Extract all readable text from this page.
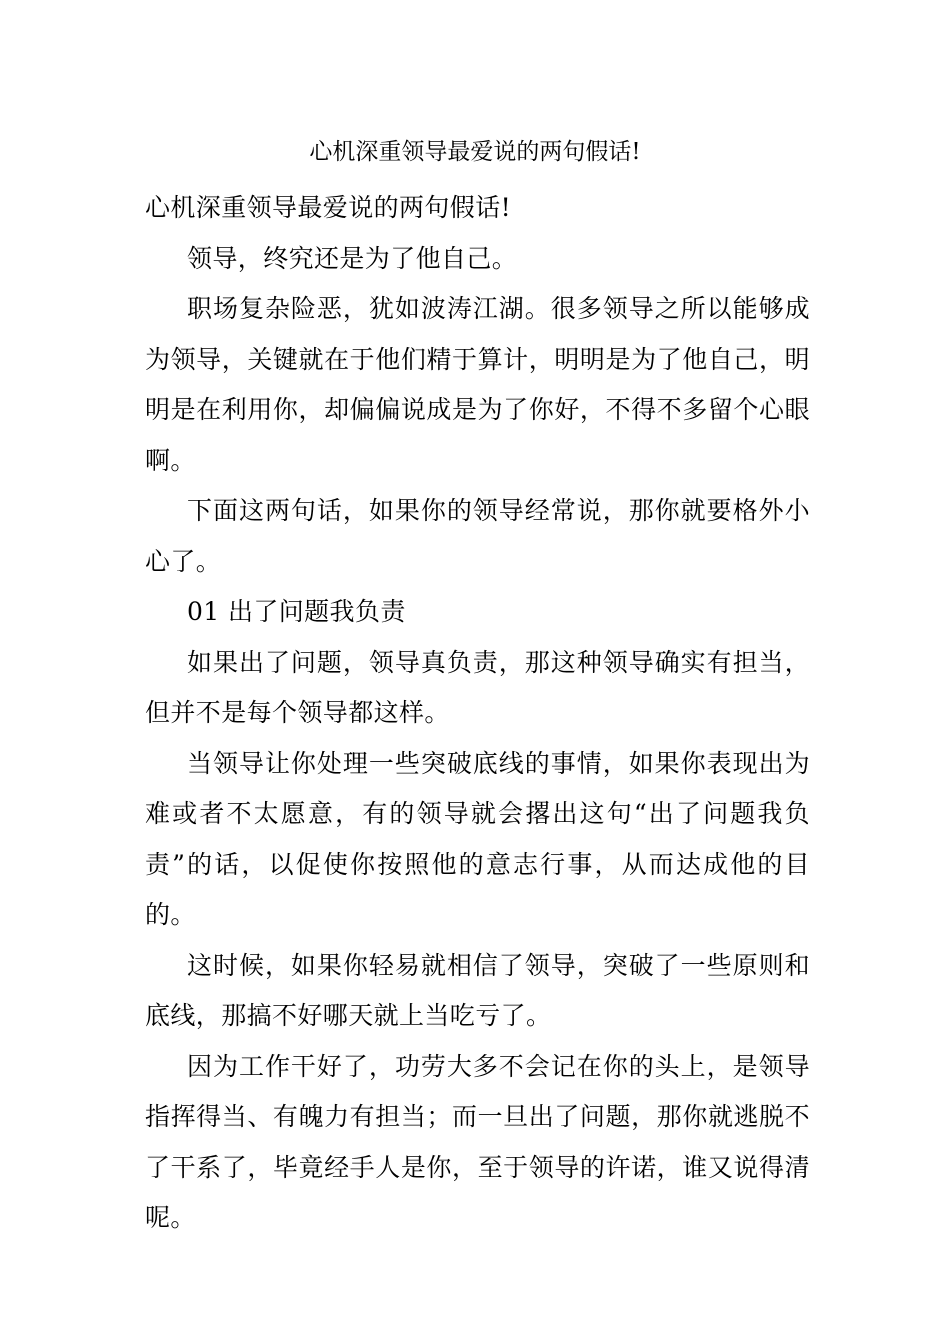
心机深重领导最爱说的两句假话!

心机深重领导最爱说的两句假话!

领导，终究还是为了他自己。

职场复杂险恶，犹如波涛江湖。很多领导之所以能够成为领导，关键就在于他们精于算计，明明是为了他自己，明明是在利用你，却偏偏说成是为了你好，不得不多留个心眼啊。

下面这两句话，如果你的领导经常说，那你就要格外小心了。

01 出了问题我负责

如果出了问题，领导真负责，那这种领导确实有担当，但并不是每个领导都这样。

当领导让你处理一些突破底线的事情，如果你表现出为难或者不太愿意，有的领导就会撂出这句“出了问题我负责”的话，以促使你按照他的意志行事，从而达成他的目的。

这时候，如果你轻易就相信了领导，突破了一些原则和底线，那搞不好哪天就上当吃亏了。

因为工作干好了，功劳大多不会记在你的头上，是领导指挥得当、有魄力有担当；而一旦出了问题，那你就逃脱不了干系了，毕竟经手人是你，至于领导的许诺，谁又说得清呢。
